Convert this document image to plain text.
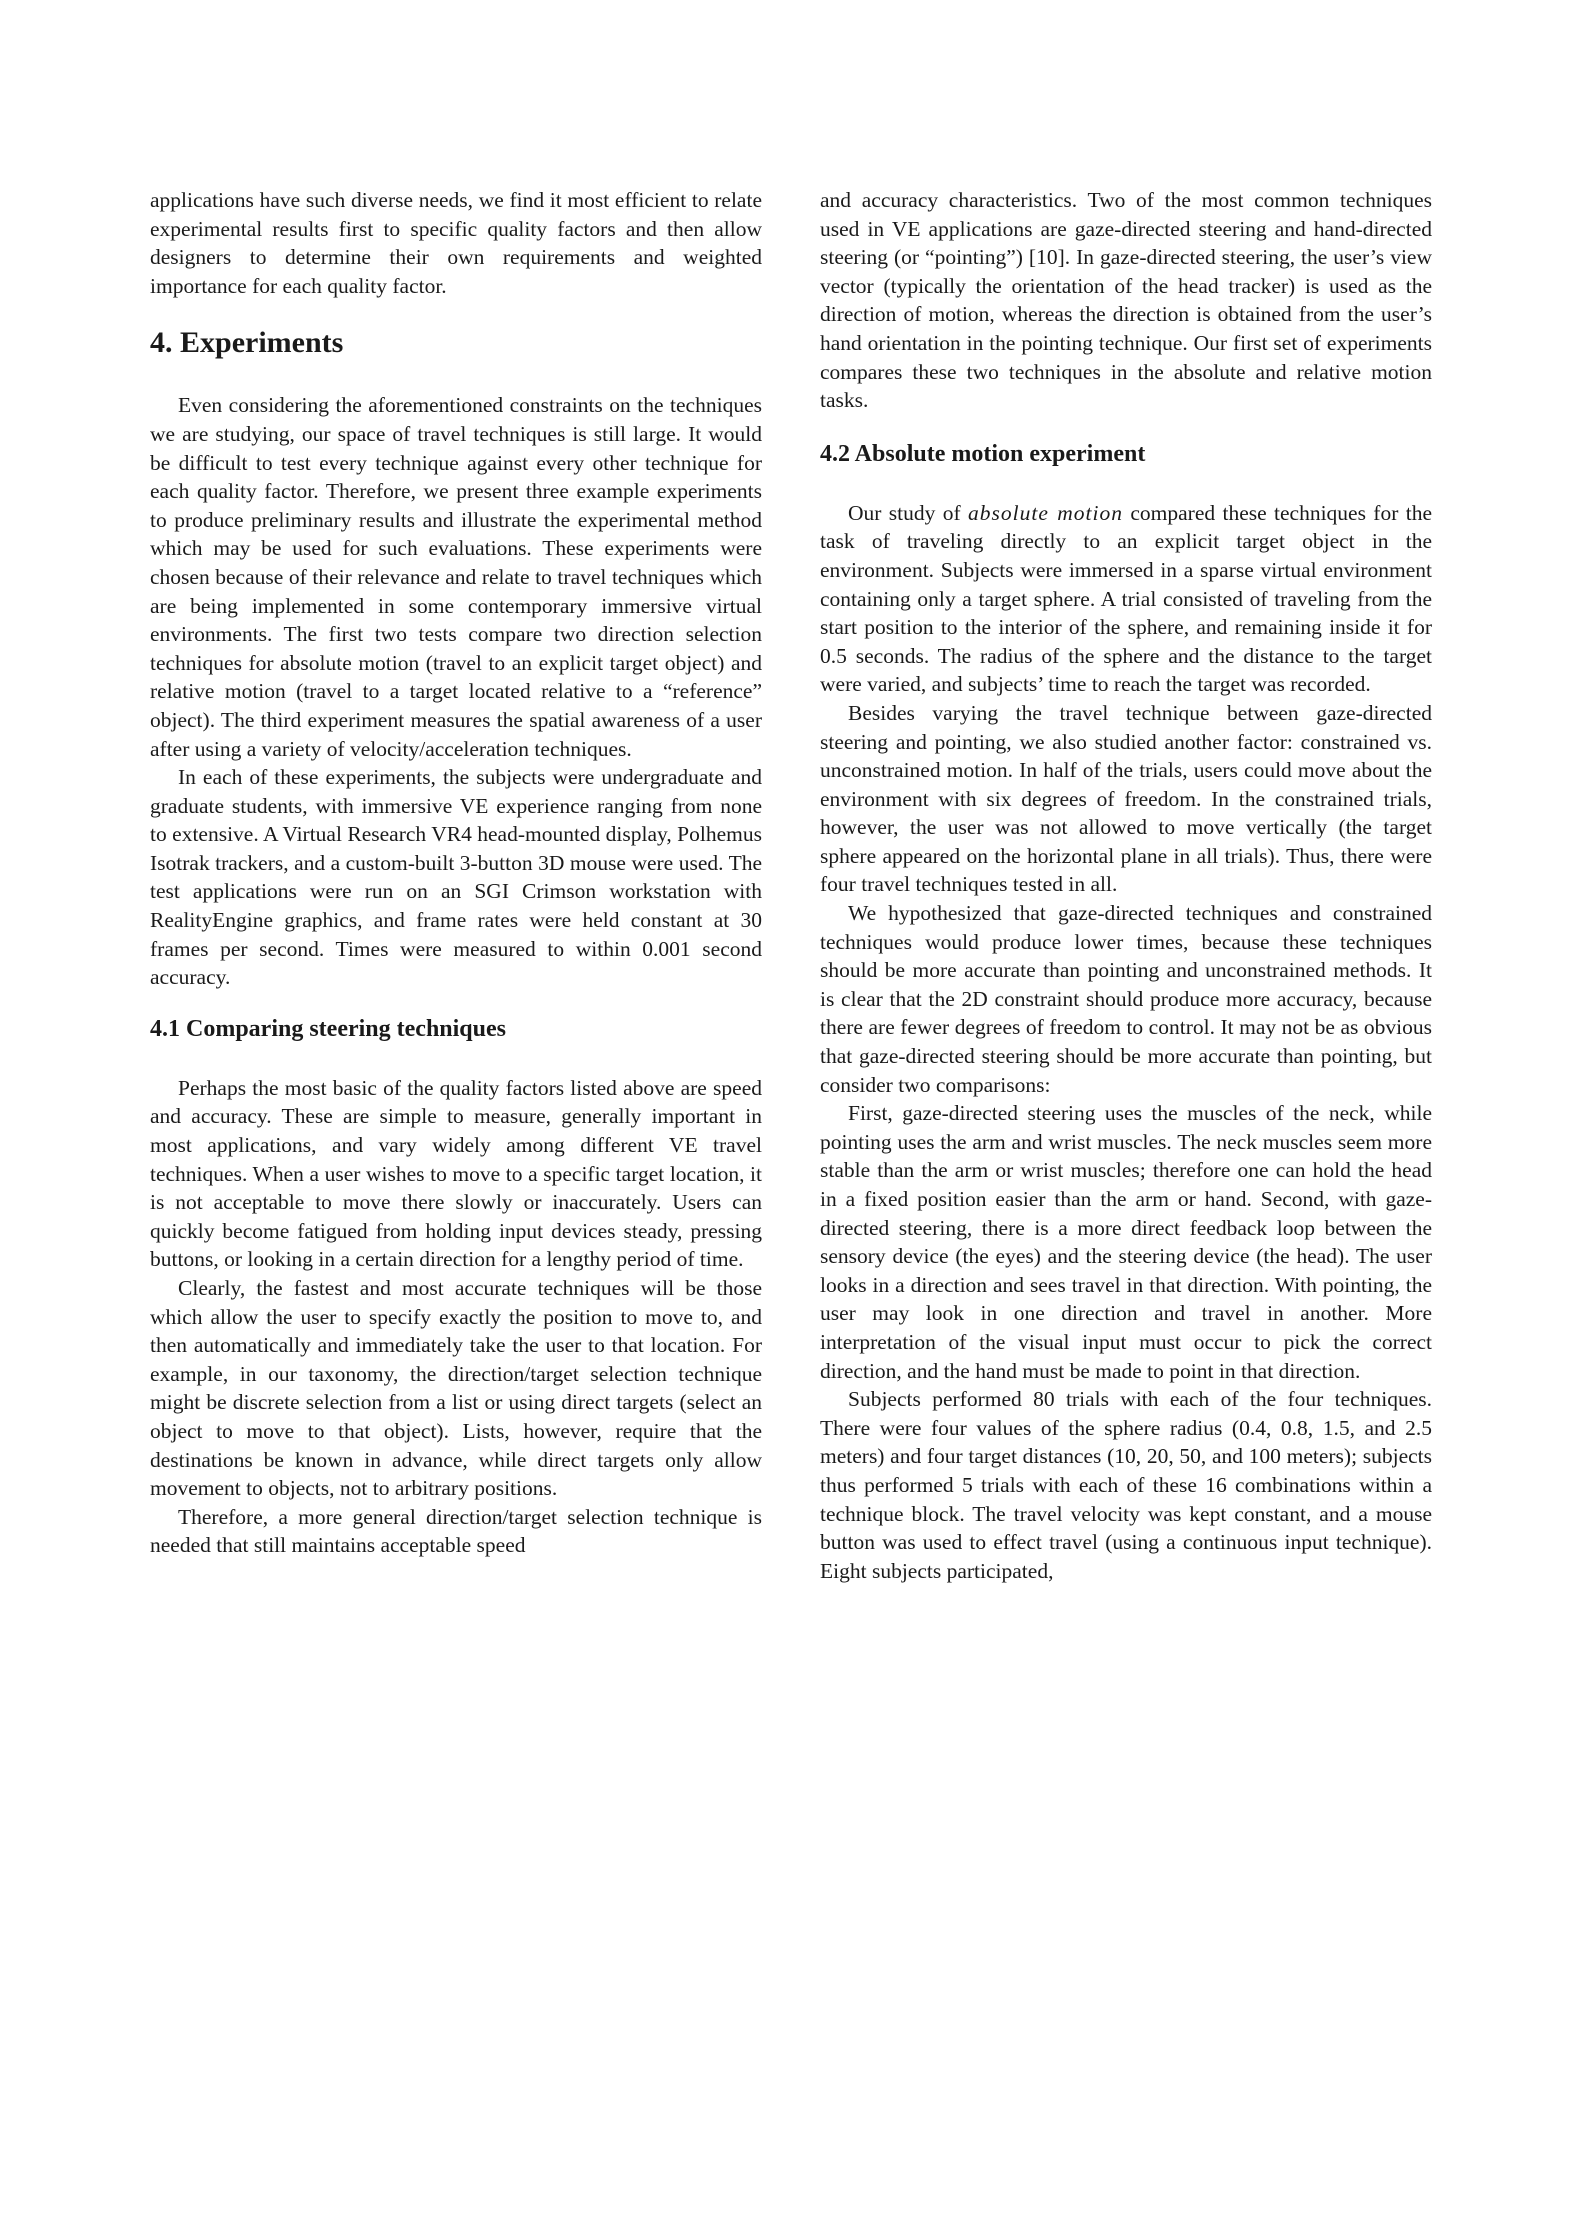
applications have such diverse needs, we find it most efficient to relate experimental results first to specific quality factors and then allow designers to determine their own requirements and weighted importance for each quality factor.

4. Experiments

Even considering the aforementioned constraints on the techniques we are studying, our space of travel techniques is still large. It would be difficult to test every technique against every other technique for each quality factor. Therefore, we present three example experiments to produce preliminary results and illustrate the experimental method which may be used for such evaluations. These experiments were chosen because of their relevance and relate to travel techniques which are being implemented in some contemporary immersive virtual environments. The first two tests compare two direction selection techniques for absolute motion (travel to an explicit target object) and relative motion (travel to a target located relative to a “reference” object). The third experiment measures the spatial awareness of a user after using a variety of velocity/acceleration techniques.

In each of these experiments, the subjects were undergraduate and graduate students, with immersive VE experience ranging from none to extensive. A Virtual Research VR4 head-mounted display, Polhemus Isotrak trackers, and a custom-built 3-button 3D mouse were used. The test applications were run on an SGI Crimson workstation with RealityEngine graphics, and frame rates were held constant at 30 frames per second. Times were measured to within 0.001 second accuracy.

4.1 Comparing steering techniques

Perhaps the most basic of the quality factors listed above are speed and accuracy. These are simple to measure, generally important in most applications, and vary widely among different VE travel techniques. When a user wishes to move to a specific target location, it is not acceptable to move there slowly or inaccurately. Users can quickly become fatigued from holding input devices steady, pressing buttons, or looking in a certain direction for a lengthy period of time.

Clearly, the fastest and most accurate techniques will be those which allow the user to specify exactly the position to move to, and then automatically and immediately take the user to that location. For example, in our taxonomy, the direction/target selection technique might be discrete selection from a list or using direct targets (select an object to move to that object). Lists, however, require that the destinations be known in advance, while direct targets only allow movement to objects, not to arbitrary positions.

Therefore, a more general direction/target selection technique is needed that still maintains acceptable speed

and accuracy characteristics. Two of the most common techniques used in VE applications are gaze-directed steering and hand-directed steering (or “pointing”) [10]. In gaze-directed steering, the user’s view vector (typically the orientation of the head tracker) is used as the direction of motion, whereas the direction is obtained from the user’s hand orientation in the pointing technique. Our first set of experiments compares these two techniques in the absolute and relative motion tasks.

4.2 Absolute motion experiment

Our study of absolute motion compared these techniques for the task of traveling directly to an explicit target object in the environment. Subjects were immersed in a sparse virtual environment containing only a target sphere. A trial consisted of traveling from the start position to the interior of the sphere, and remaining inside it for 0.5 seconds. The radius of the sphere and the distance to the target were varied, and subjects’ time to reach the target was recorded.

Besides varying the travel technique between gaze-directed steering and pointing, we also studied another factor: constrained vs. unconstrained motion. In half of the trials, users could move about the environment with six degrees of freedom. In the constrained trials, however, the user was not allowed to move vertically (the target sphere appeared on the horizontal plane in all trials). Thus, there were four travel techniques tested in all.

We hypothesized that gaze-directed techniques and constrained techniques would produce lower times, because these techniques should be more accurate than pointing and unconstrained methods. It is clear that the 2D constraint should produce more accuracy, because there are fewer degrees of freedom to control. It may not be as obvious that gaze-directed steering should be more accurate than pointing, but consider two comparisons:

First, gaze-directed steering uses the muscles of the neck, while pointing uses the arm and wrist muscles. The neck muscles seem more stable than the arm or wrist muscles; therefore one can hold the head in a fixed position easier than the arm or hand. Second, with gaze-directed steering, there is a more direct feedback loop between the sensory device (the eyes) and the steering device (the head). The user looks in a direction and sees travel in that direction. With pointing, the user may look in one direction and travel in another. More interpretation of the visual input must occur to pick the correct direction, and the hand must be made to point in that direction.

Subjects performed 80 trials with each of the four techniques. There were four values of the sphere radius (0.4, 0.8, 1.5, and 2.5 meters) and four target distances (10, 20, 50, and 100 meters); subjects thus performed 5 trials with each of these 16 combinations within a technique block. The travel velocity was kept constant, and a mouse button was used to effect travel (using a continuous input technique). Eight subjects participated,
